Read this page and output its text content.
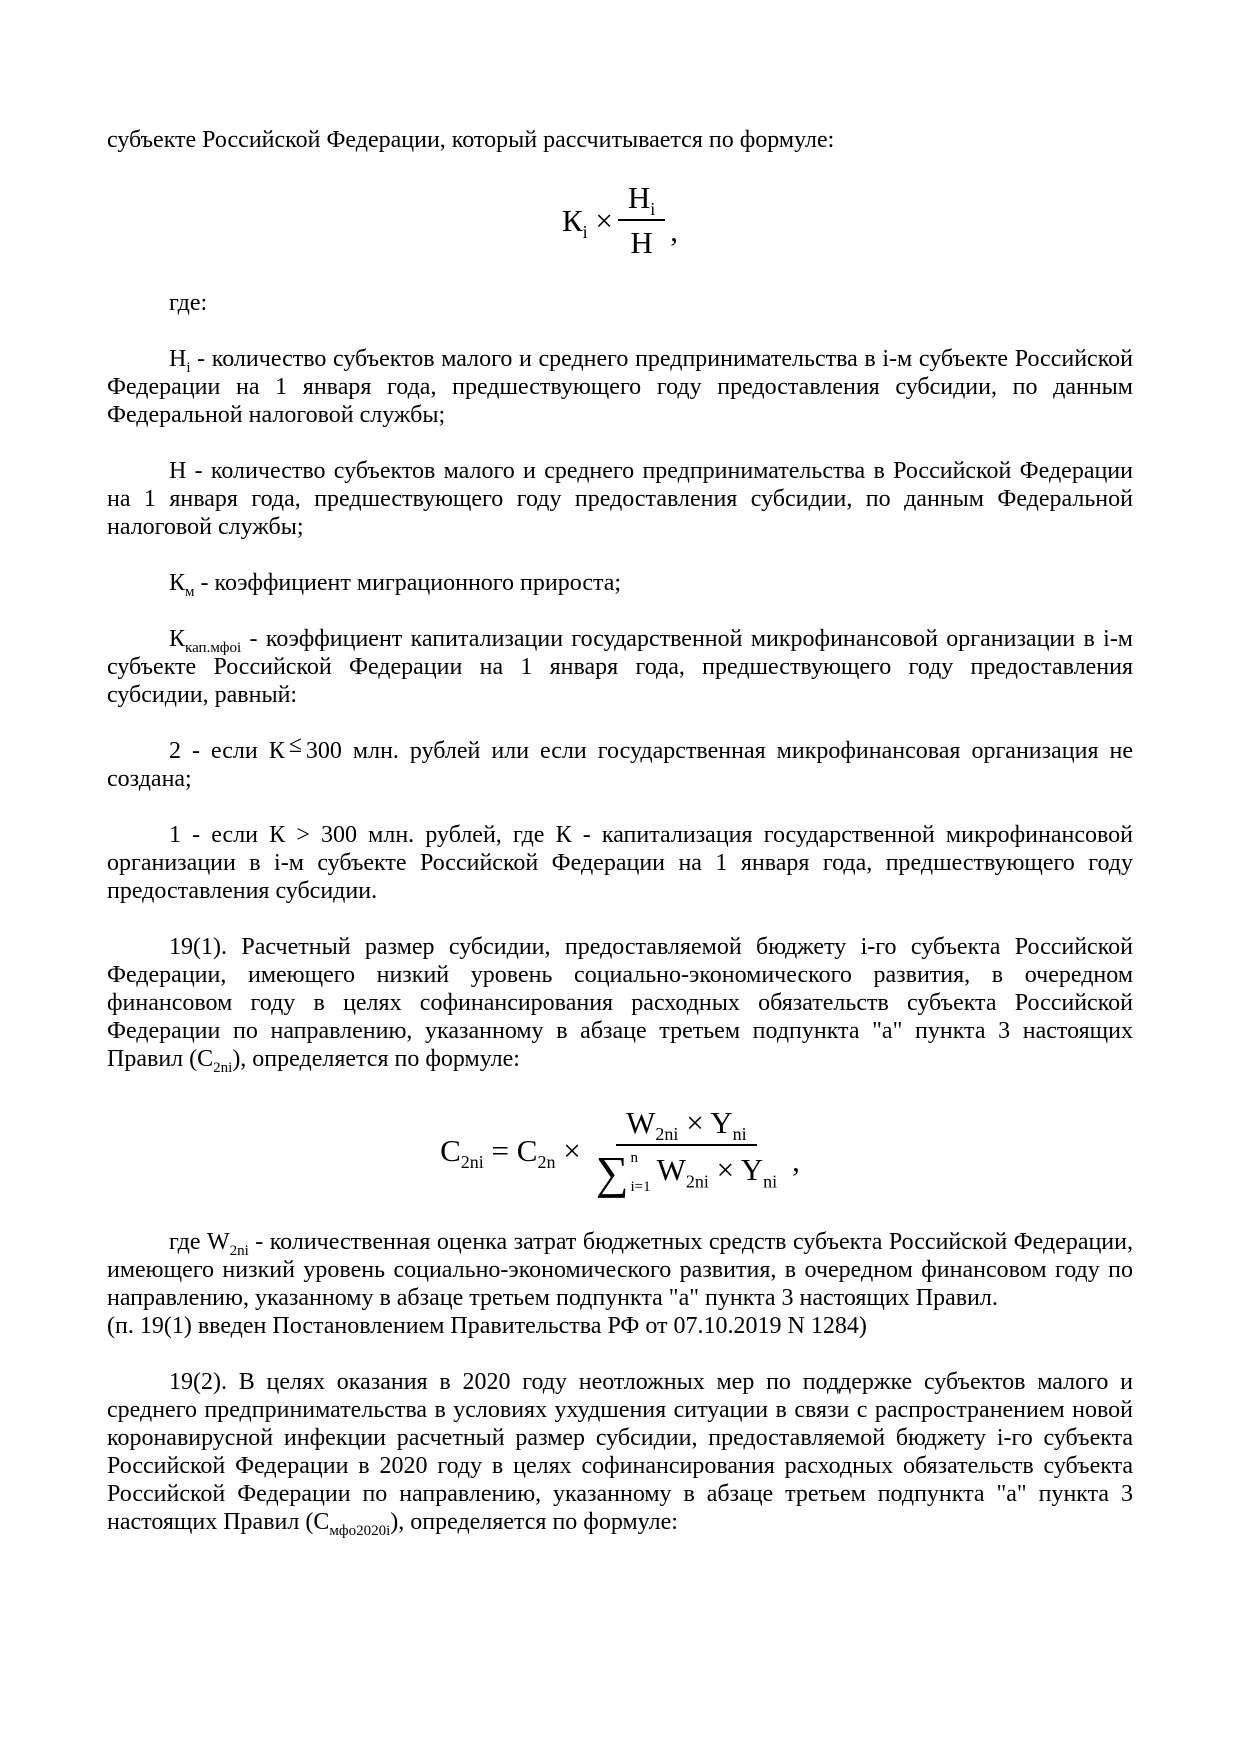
субъекте Российской Федерации, который рассчитывается по формуле:

$К_i \times \frac{H_i}{H}$ ,

где:

$H_i$ - количество субъектов малого и среднего предпринимательства в i-м субъекте Российской Федерации на 1 января года, предшествующего году предоставления субсидии, по данным Федеральной налоговой службы;

Н - количество субъектов малого и среднего предпринимательства в Российской Федерации на 1 января года, предшествующего году предоставления субсидии, по данным Федеральной налоговой службы;

$К_м$ - коэффициент миграционного прироста;

$К_{кап.мфоi}$ - коэффициент капитализации государственной микрофинансовой организации в i-м субъекте Российской Федерации на 1 января года, предшествующего году предоставления субсидии, равный:

2 - если К ≤ 300 млн. рублей или если государственная микрофинансовая организация не создана;

1 - если К > 300 млн. рублей, где К - капитализация государственной микрофинансовой организации в i-м субъекте Российской Федерации на 1 января года, предшествующего году предоставления субсидии.

19(1). Расчетный размер субсидии, предоставляемой бюджету i-го субъекта Российской Федерации, имеющего низкий уровень социально-экономического развития, в очередном финансовом году в целях софинансирования расходных обязательств субъекта Российской Федерации по направлению, указанному в абзаце третьем подпункта "а" пункта 3 настоящих Правил $(С_{2ni})$, определяется по формуле:

$C_{2ni} = C_{2n} \times W_{2ni} \times Y_{ni}$
∑ n
i=1 $W_{2ni} \times Y_{ni}$ ,

где $W_{2ni}$ - количественная оценка затрат бюджетных средств субъекта Российской Федерации, имеющего низкий уровень социально-экономического развития, в очередном финансовом году по направлению, указанному в абзаце третьем подпункта "а" пункта 3 настоящих Правил.

(п. 19(1) введен Постановлением Правительства РФ от 07.10.2019 N 1284)

19(2). В целях оказания в 2020 году неотложных мер по поддержке субъектов малого и среднего предпринимательства в условиях ухудшения ситуации в связи с распространением новой коронавирусной инфекции расчетный размер субсидии, предоставляемой бюджету i-го субъекта Российской Федерации в 2020 году в целях софинансирования расходных обязательств субъекта Российской Федерации по направлению, указанному в абзаце третьем подпункта "а" пункта 3 настоящих Правил $(С_{мфо2020i})$, определяется по формуле:
